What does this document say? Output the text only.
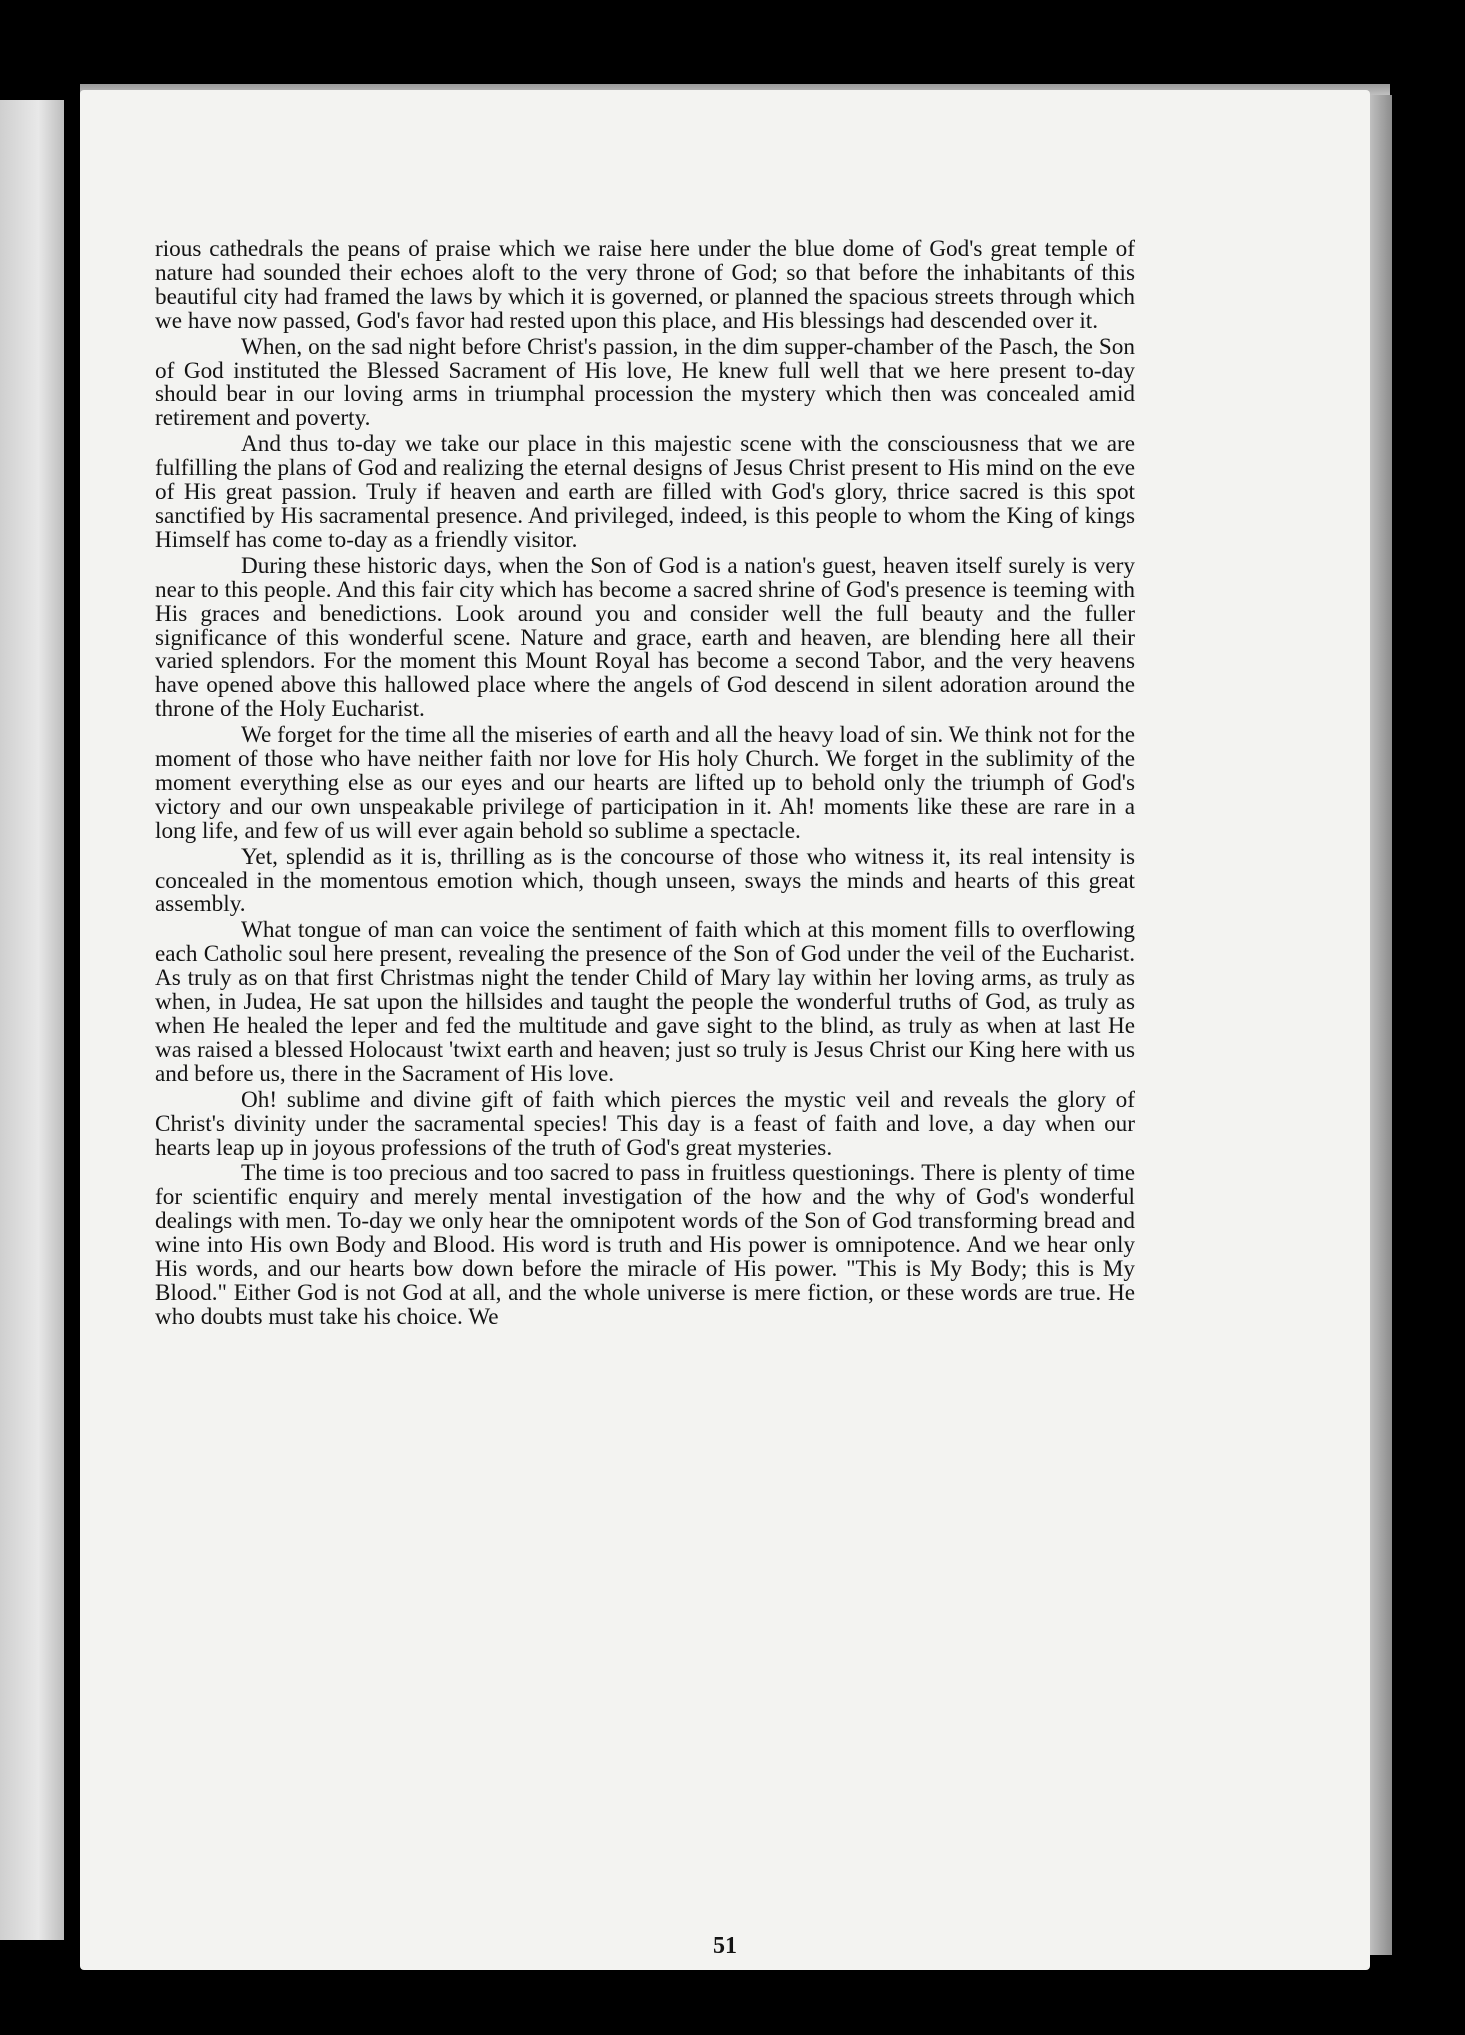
51

rious cathedrals the peans of praise which we raise here under the blue dome of God's great temple of nature had sounded their echoes aloft to the very throne of God; so that before the inhabitants of this beautiful city had framed the laws by which it is governed, or planned the spacious streets through which we have now passed, God's favor had rested upon this place, and His blessings had descended over it.

When, on the sad night before Christ's passion, in the dim supper-chamber of the Pasch, the Son of God instituted the Blessed Sacrament of His love, He knew full well that we here present to-day should bear in our loving arms in triumphal procession the mystery which then was concealed amid retirement and poverty.

And thus to-day we take our place in this majestic scene with the consciousness that we are fulfilling the plans of God and realizing the eternal designs of Jesus Christ present to His mind on the eve of His great passion. Truly if heaven and earth are filled with God's glory, thrice sacred is this spot sanctified by His sacramental presence. And privileged, indeed, is this people to whom the King of kings Himself has come to-day as a friendly visitor.

During these historic days, when the Son of God is a nation's guest, heaven itself surely is very near to this people. And this fair city which has become a sacred shrine of God's presence is teeming with His graces and benedictions. Look around you and consider well the full beauty and the fuller significance of this wonderful scene. Nature and grace, earth and heaven, are blending here all their varied splendors. For the moment this Mount Royal has become a second Tabor, and the very heavens have opened above this hallowed place where the angels of God descend in silent adoration around the throne of the Holy Eucharist.

We forget for the time all the miseries of earth and all the heavy load of sin. We think not for the moment of those who have neither faith nor love for His holy Church. We forget in the sublimity of the moment everything else as our eyes and our hearts are lifted up to behold only the triumph of God's victory and our own unspeakable privilege of participation in it. Ah! moments like these are rare in a long life, and few of us will ever again behold so sublime a spectacle.

Yet, splendid as it is, thrilling as is the concourse of those who witness it, its real intensity is concealed in the momentous emotion which, though unseen, sways the minds and hearts of this great assembly.

What tongue of man can voice the sentiment of faith which at this moment fills to overflowing each Catholic soul here present, revealing the presence of the Son of God under the veil of the Eucharist. As truly as on that first Christmas night the tender Child of Mary lay within her loving arms, as truly as when, in Judea, He sat upon the hillsides and taught the people the wonderful truths of God, as truly as when He healed the leper and fed the multitude and gave sight to the blind, as truly as when at last He was raised a blessed Holocaust 'twixt earth and heaven; just so truly is Jesus Christ our King here with us and before us, there in the Sacrament of His love.

Oh! sublime and divine gift of faith which pierces the mystic veil and reveals the glory of Christ's divinity under the sacramental species! This day is a feast of faith and love, a day when our hearts leap up in joyous professions of the truth of God's great mysteries.

The time is too precious and too sacred to pass in fruitless questionings. There is plenty of time for scientific enquiry and merely mental investigation of the how and the why of God's wonderful dealings with men. To-day we only hear the omnipotent words of the Son of God transforming bread and wine into His own Body and Blood. His word is truth and His power is omnipotence. And we hear only His words, and our hearts bow down before the miracle of His power. "This is My Body; this is My Blood." Either God is not God at all, and the whole universe is mere fiction, or these words are true. He who doubts must take his choice. We
